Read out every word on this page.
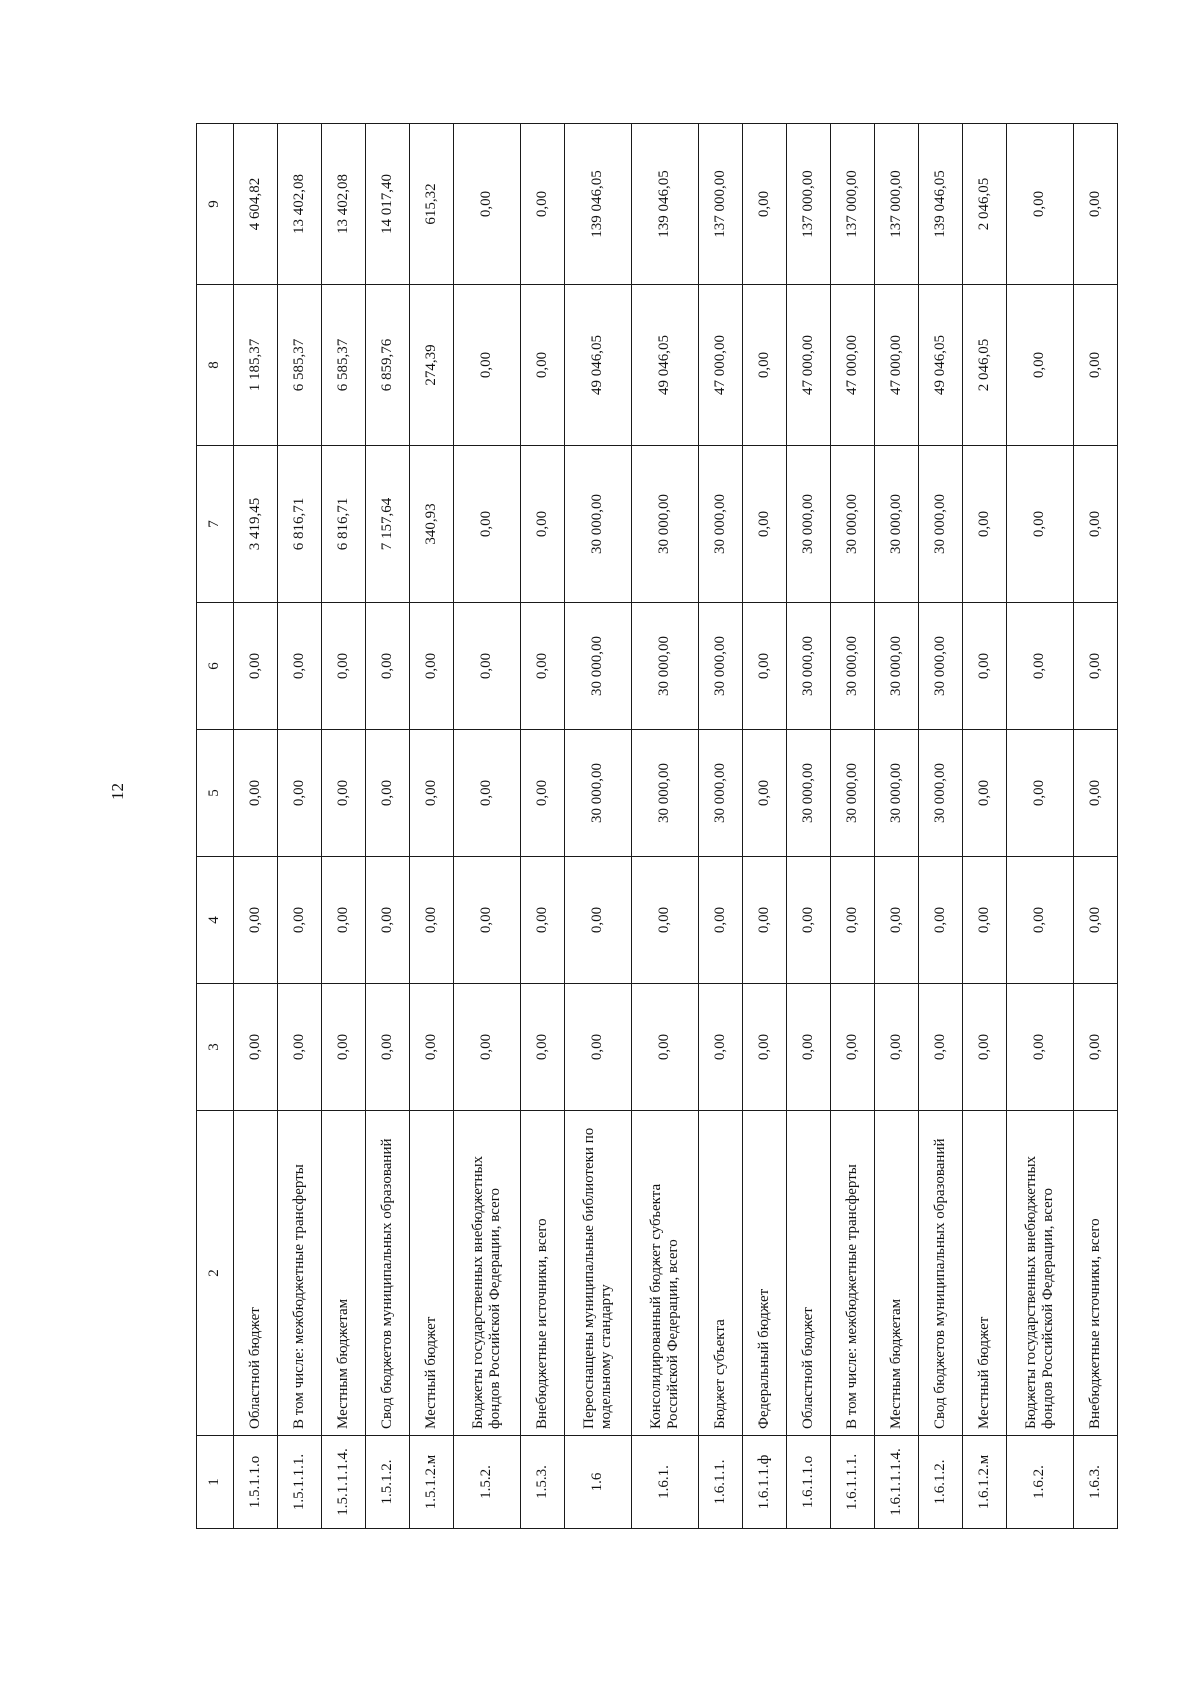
12
1	2	3	4	5	6	7	8	9
1.5.1.1.о	Областной бюджет	0,00	0,00	0,00	0,00	3 419,45	1 185,37	4 604,82
1.5.1.1.1.	В том числе: межбюджетные трансферты	0,00	0,00	0,00	0,00	6 816,71	6 585,37	13 402,08
1.5.1.1.1.4.	Местным бюджетам	0,00	0,00	0,00	0,00	6 816,71	6 585,37	13 402,08
1.5.1.2.	Свод бюджетов муниципальных образований	0,00	0,00	0,00	0,00	7 157,64	6 859,76	14 017,40
1.5.1.2.м	Местный бюджет	0,00	0,00	0,00	0,00	340,93	274,39	615,32
1.5.2.	Бюджеты государственных внебюджетных фондов Российской Федерации, всего	0,00	0,00	0,00	0,00	0,00	0,00	0,00
1.5.3.	Внебюджетные источники, всего	0,00	0,00	0,00	0,00	0,00	0,00	0,00
1.6	Переоснащены муниципальные библиотеки по модельному стандарту	0,00	0,00	30 000,00	30 000,00	30 000,00	49 046,05	139 046,05
1.6.1.	Консолидированный бюджет субъекта Российской Федерации, всего	0,00	0,00	30 000,00	30 000,00	30 000,00	49 046,05	139 046,05
1.6.1.1.	Бюджет субъекта	0,00	0,00	30 000,00	30 000,00	30 000,00	47 000,00	137 000,00
1.6.1.1.ф	Федеральный бюджет	0,00	0,00	0,00	0,00	0,00	0,00	0,00
1.6.1.1.о	Областной бюджет	0,00	0,00	30 000,00	30 000,00	30 000,00	47 000,00	137 000,00
1.6.1.1.1.	В том числе: межбюджетные трансферты	0,00	0,00	30 000,00	30 000,00	30 000,00	47 000,00	137 000,00
1.6.1.1.1.4.	Местным бюджетам	0,00	0,00	30 000,00	30 000,00	30 000,00	47 000,00	137 000,00
1.6.1.2.	Свод бюджетов муниципальных образований	0,00	0,00	30 000,00	30 000,00	30 000,00	49 046,05	139 046,05
1.6.1.2.м	Местный бюджет	0,00	0,00	0,00	0,00	0,00	2 046,05	2 046,05
1.6.2.	Бюджеты государственных внебюджетных фондов Российской Федерации, всего	0,00	0,00	0,00	0,00	0,00	0,00	0,00
1.6.3.	Внебюджетные источники, всего	0,00	0,00	0,00	0,00	0,00	0,00	0,00
